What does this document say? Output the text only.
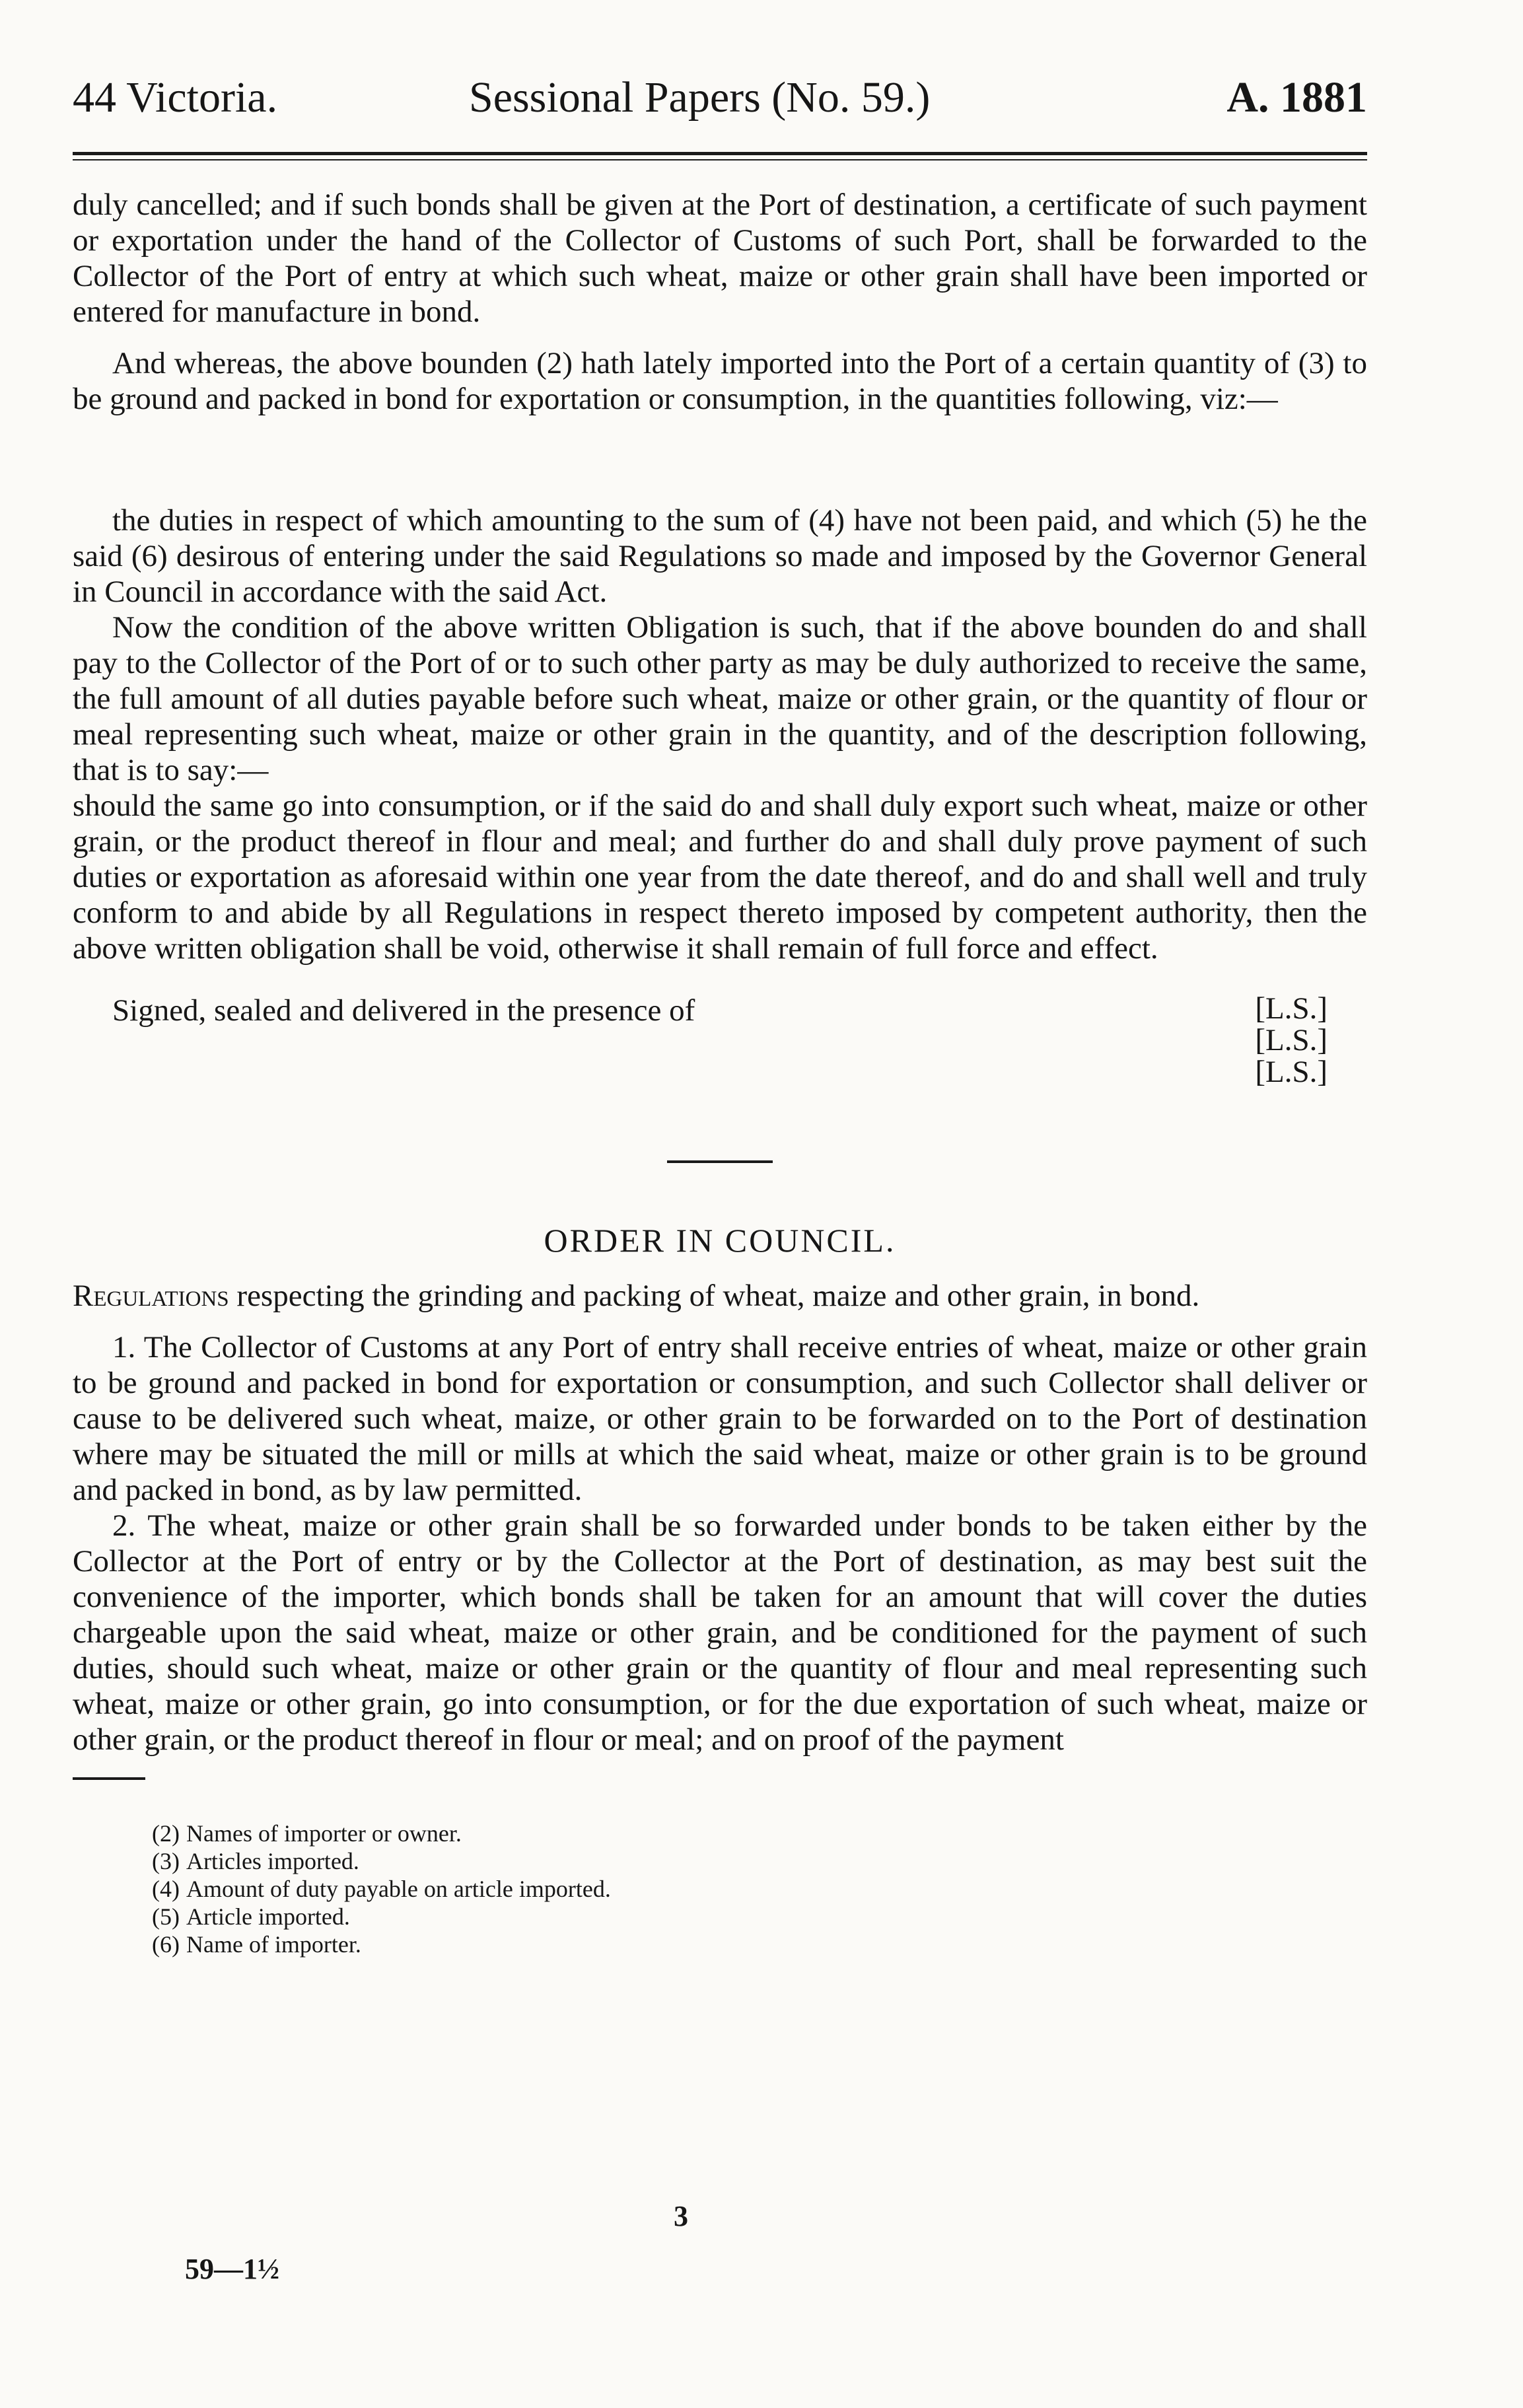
44 Victoria.	Sessional Papers (No. 59.)	A. 1881

duly cancelled; and if such bonds shall be given at the Port of destination, a certificate of such payment or exportation under the hand of the Collector of Customs of such Port, shall be forwarded to the Collector of the Port of entry at which such wheat, maize or other grain shall have been imported or entered for manufacture in bond.

And whereas, the above bounden (2) hath lately imported into the Port of a certain quantity of (3) to be ground and packed in bond for exportation or consumption, in the quantities following, viz:—

the duties in respect of which amounting to the sum of (4) have not been paid, and which (5) he the said (6) desirous of entering under the said Regulations so made and imposed by the Governor General in Council in accordance with the said Act.

Now the condition of the above written Obligation is such, that if the above bounden do and shall pay to the Collector of the Port of or to such other party as may be duly authorized to receive the same, the full amount of all duties payable before such wheat, maize or other grain, or the quantity of flour or meal representing such wheat, maize or other grain in the quantity, and of the description following, that is to say:—

should the same go into consumption, or if the said do and shall duly export such wheat, maize or other grain, or the product thereof in flour and meal; and further do and shall duly prove payment of such duties or exportation as aforesaid within one year from the date thereof, and do and shall well and truly conform to and abide by all Regulations in respect thereto imposed by competent authority, then the above written obligation shall be void, otherwise it shall remain of full force and effect.

Signed, sealed and delivered in the presence of	[L.S.]
[L.S.]
[L.S.]
ORDER IN COUNCIL.

Regulations respecting the grinding and packing of wheat, maize and other grain, in bond.

1. The Collector of Customs at any Port of entry shall receive entries of wheat, maize or other grain to be ground and packed in bond for exportation or consumption, and such Collector shall deliver or cause to be delivered such wheat, maize, or other grain to be forwarded on to the Port of destination where may be situated the mill or mills at which the said wheat, maize or other grain is to be ground and packed in bond, as by law permitted.

2. The wheat, maize or other grain shall be so forwarded under bonds to be taken either by the Collector at the Port of entry or by the Collector at the Port of destination, as may best suit the convenience of the importer, which bonds shall be taken for an amount that will cover the duties chargeable upon the said wheat, maize or other grain, and be conditioned for the payment of such duties, should such wheat, maize or other grain or the quantity of flour and meal representing such wheat, maize or other grain, go into consumption, or for the due exportation of such wheat, maize or other grain, or the product thereof in flour or meal; and on proof of the payment

(2) Names of importer or owner.
(3) Articles imported.
(4) Amount of duty payable on article imported.
(5) Article imported.
(6) Name of importer.
3
59—1½
